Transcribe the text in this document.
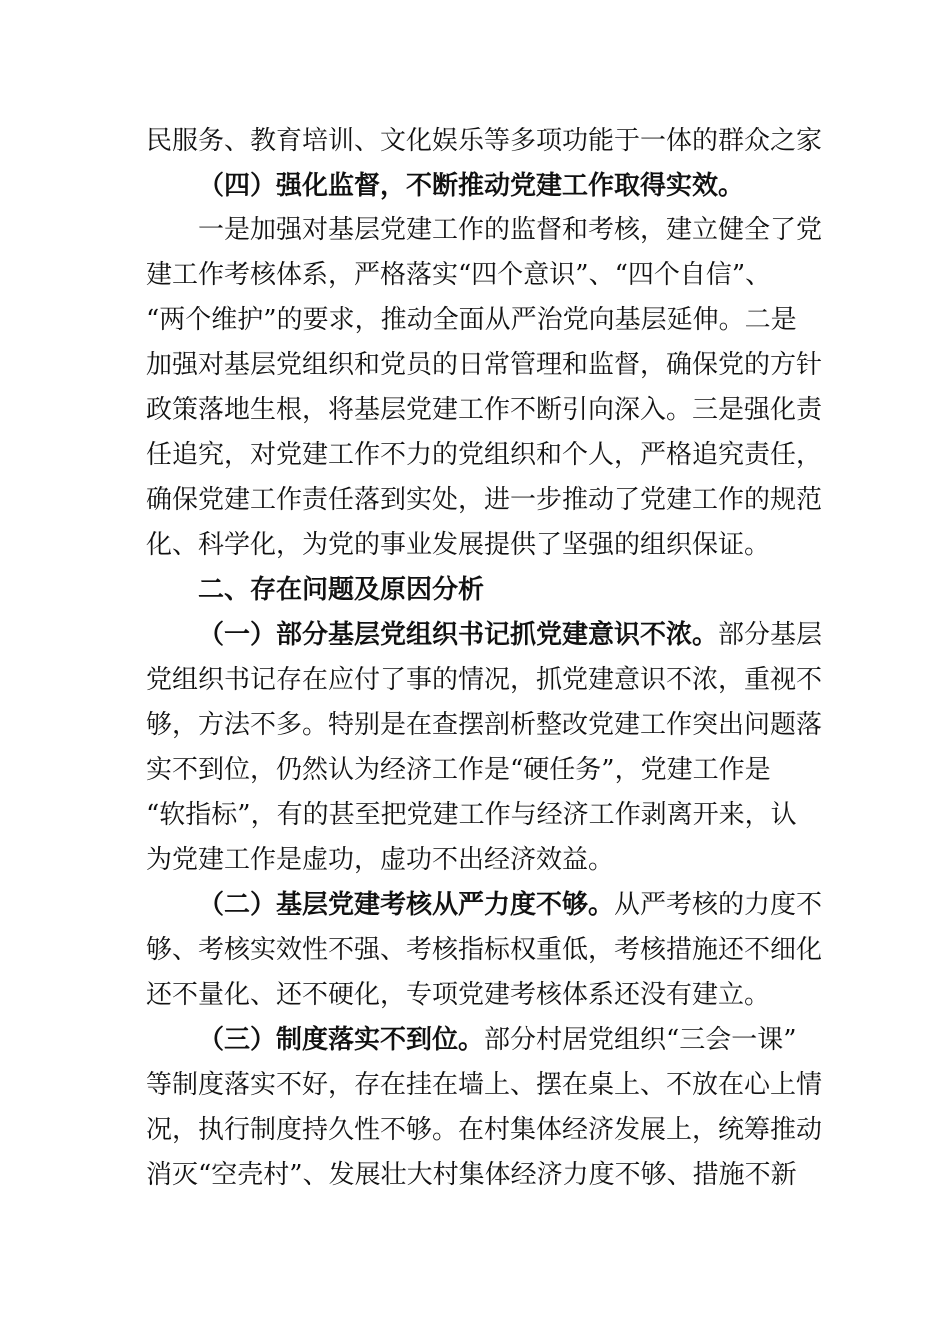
民服务、教育培训、文化娱乐等多项功能于一体的群众之家
（四）强化监督，不断推动党建工作取得实效。
一是加强对基层党建工作的监督和考核，建立健全了党
建工作考核体系，严格落实“四个意识”、“四个自信”、
“两个维护”的要求，推动全面从严治党向基层延伸。二是
加强对基层党组织和党员的日常管理和监督，确保党的方针
政策落地生根，将基层党建工作不断引向深入。三是强化责
任追究，对党建工作不力的党组织和个人，严格追究责任，
确保党建工作责任落到实处，进一步推动了党建工作的规范
化、科学化，为党的事业发展提供了坚强的组织保证。
二、存在问题及原因分析
（一）部分基层党组织书记抓党建意识不浓。部分基层
党组织书记存在应付了事的情况，抓党建意识不浓，重视不
够，方法不多。特别是在查摆剖析整改党建工作突出问题落
实不到位，仍然认为经济工作是“硬任务”，党建工作是
“软指标”，有的甚至把党建工作与经济工作剥离开来，认
为党建工作是虚功，虚功不出经济效益。
（二）基层党建考核从严力度不够。从严考核的力度不
够、考核实效性不强、考核指标权重低，考核措施还不细化
还不量化、还不硬化，专项党建考核体系还没有建立。
（三）制度落实不到位。部分村居党组织“三会一课”
等制度落实不好，存在挂在墙上、摆在桌上、不放在心上情
况，执行制度持久性不够。在村集体经济发展上，统筹推动
消灭“空壳村”、发展壮大村集体经济力度不够、措施不新
